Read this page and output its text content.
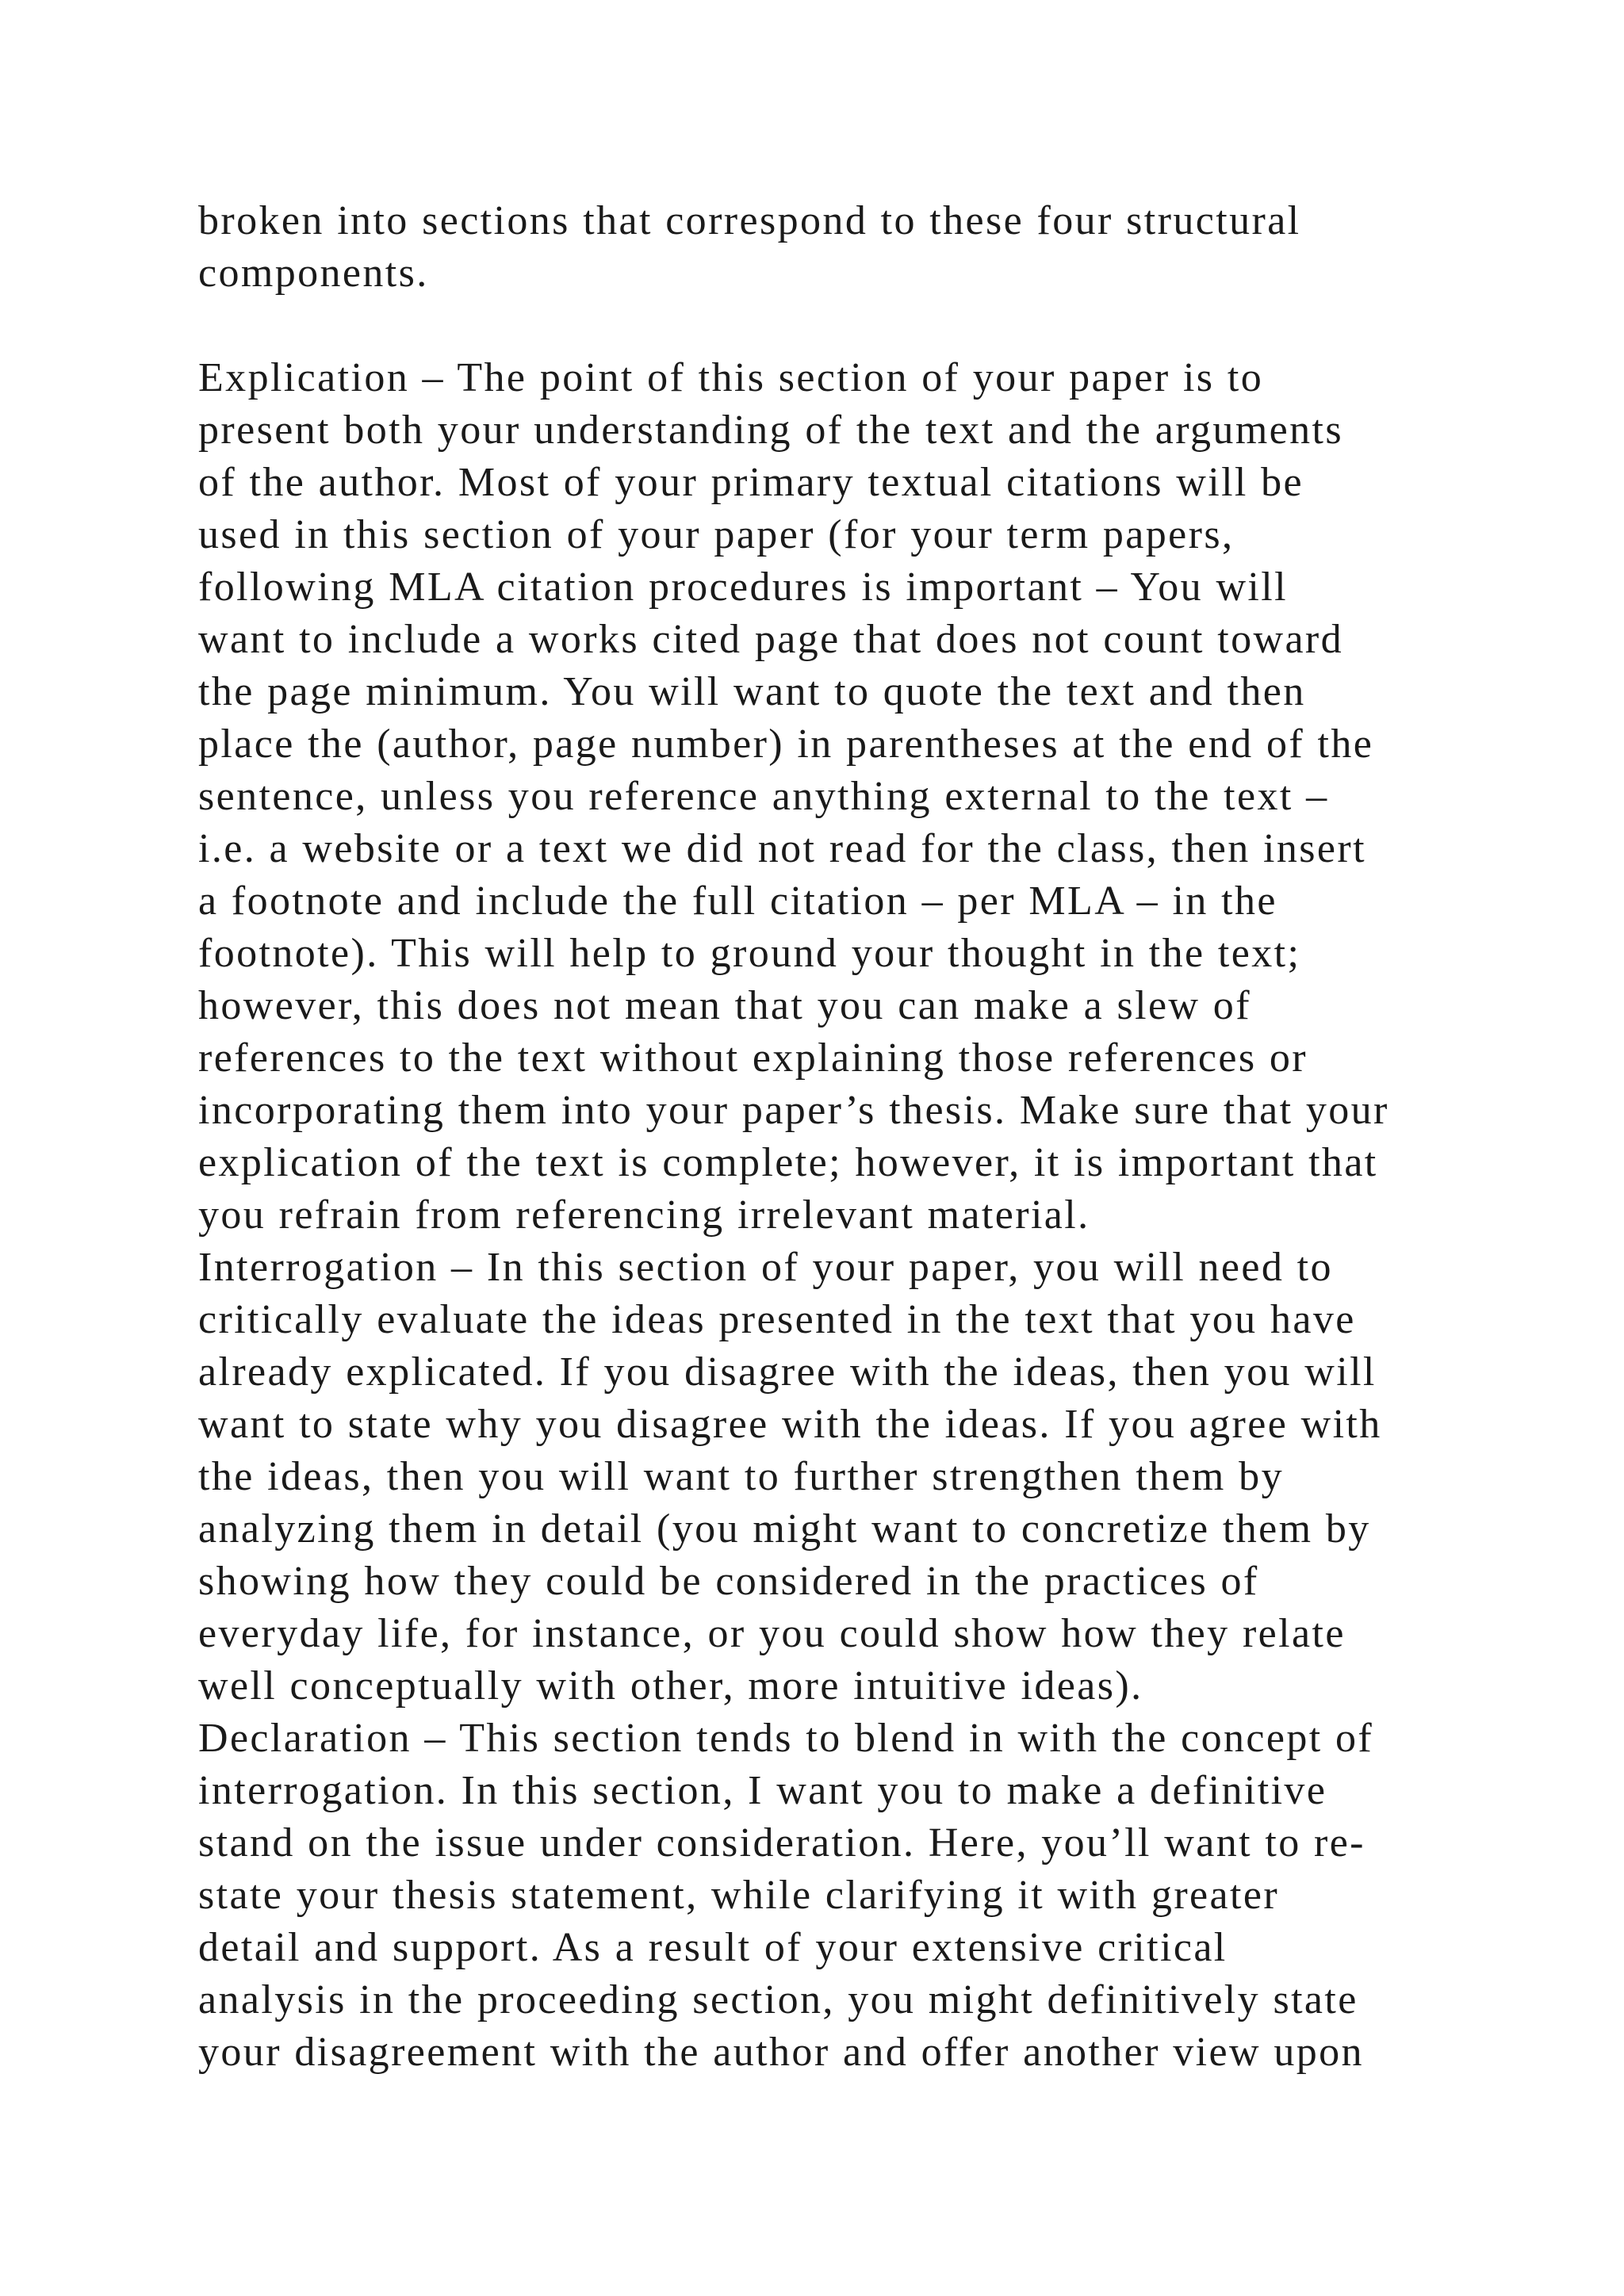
broken into sections that correspond to these four structural
components.
Explication – The point of this section of your paper is to
present both your understanding of the text and the arguments
of the author. Most of your primary textual citations will be
used in this section of your paper (for your term papers,
following MLA citation procedures is important – You will
want to include a works cited page that does not count toward
the page minimum. You will want to quote the text and then
place the (author, page number) in parentheses at the end of the
sentence, unless you reference anything external to the text –
i.e. a website or a text we did not read for the class, then insert
a footnote and include the full citation – per MLA – in the
footnote). This will help to ground your thought in the text;
however, this does not mean that you can make a slew of
references to the text without explaining those references or
incorporating them into your paper’s thesis. Make sure that your
explication of the text is complete; however, it is important that
you refrain from referencing irrelevant material.
Interrogation – In this section of your paper, you will need to
critically evaluate the ideas presented in the text that you have
already explicated. If you disagree with the ideas, then you will
want to state why you disagree with the ideas. If you agree with
the ideas, then you will want to further strengthen them by
analyzing them in detail (you might want to concretize them by
showing how they could be considered in the practices of
everyday life, for instance, or you could show how they relate
well conceptually with other, more intuitive ideas).
Declaration – This section tends to blend in with the concept of
interrogation. In this section, I want you to make a definitive
stand on the issue under consideration. Here, you’ll want to re-
state your thesis statement, while clarifying it with greater
detail and support. As a result of your extensive critical
analysis in the proceeding section, you might definitively state
your disagreement with the author and offer another view upon
